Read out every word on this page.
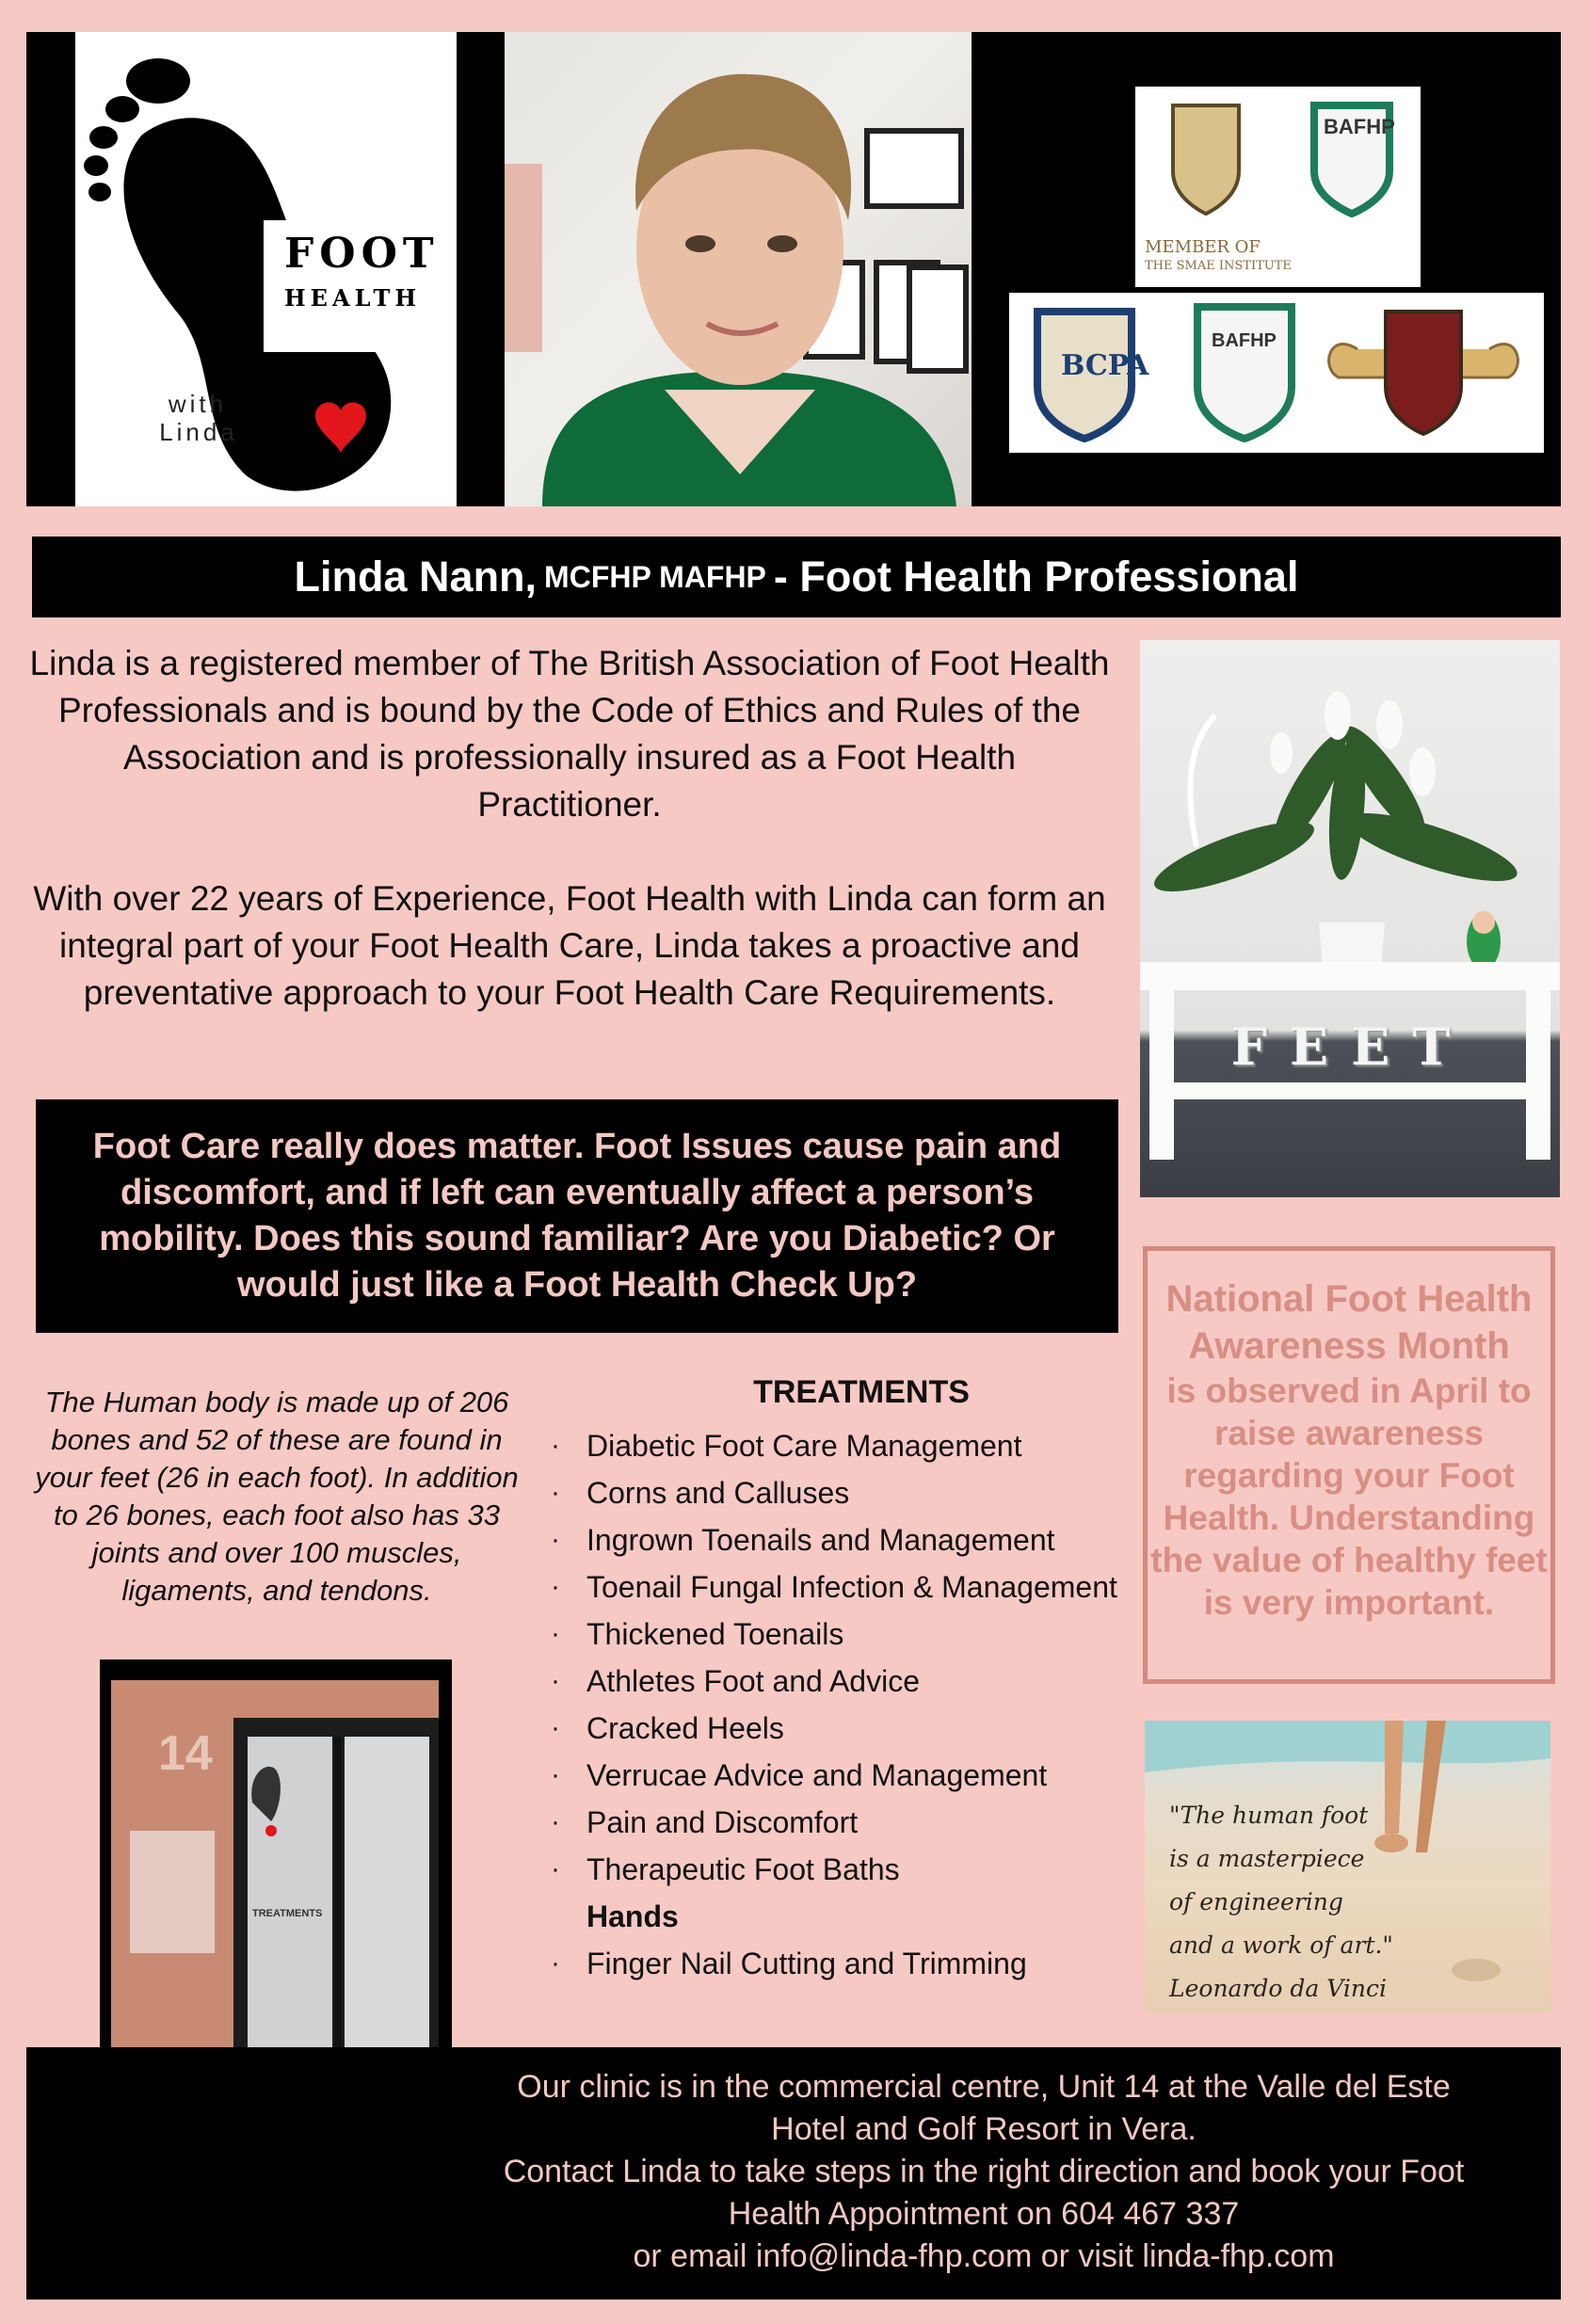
FOOT
HEALTH
with
Linda
BAFHP
MEMBER OF
THE SMAE INSTITUTE
BCPA
BAFHP
Linda Nann, MCFHP MAFHP - Foot Health Professional

Linda is a registered member of The British Association of Foot Health Professionals and is bound by the Code of Ethics and Rules of the Association and is professionally insured as a Foot Health Practitioner.

With over 22 years of Experience, Foot Health with Linda can form an integral part of your Foot Health Care, Linda takes a proactive and preventative approach to your Foot Health Care Requirements.

FEET
Foot Care really does matter. Foot Issues cause pain and discomfort, and if left can eventually affect a person’s mobility. Does this sound familiar? Are you Diabetic? Or would just like a Foot Health Check Up?	National Foot Health Awareness Month
is observed in April to raise awareness regarding your Foot Health. Understanding the value of healthy feet is very important.
The Human body is made up of 206 bones and 52 of these are found in your feet (26 in each foot). In addition to 26 bones, each foot also has 33 joints and over 100 muscles, ligaments, and tendons.
TREATMENTS
· Diabetic Foot Care Management
· Corns and Calluses
· Ingrown Toenails and Management
· Toenail Fungal Infection & Management
· Thickened Toenails
· Athletes Foot and Advice
· Cracked Heels
· Verrucae Advice and Management
· Pain and Discomfort
· Therapeutic Foot Baths
Hands
· Finger Nail Cutting and Trimming
14
TREATMENTS
"The human foot
is a masterpiece
of engineering
and a work of art."
Leonardo da Vinci
Our clinic is in the commercial centre, Unit 14 at the Valle del Este
Hotel and Golf Resort in Vera.
Contact Linda to take steps in the right direction and book your Foot
Health Appointment on 604 467 337
or email info@linda-fhp.com or visit linda-fhp.com
